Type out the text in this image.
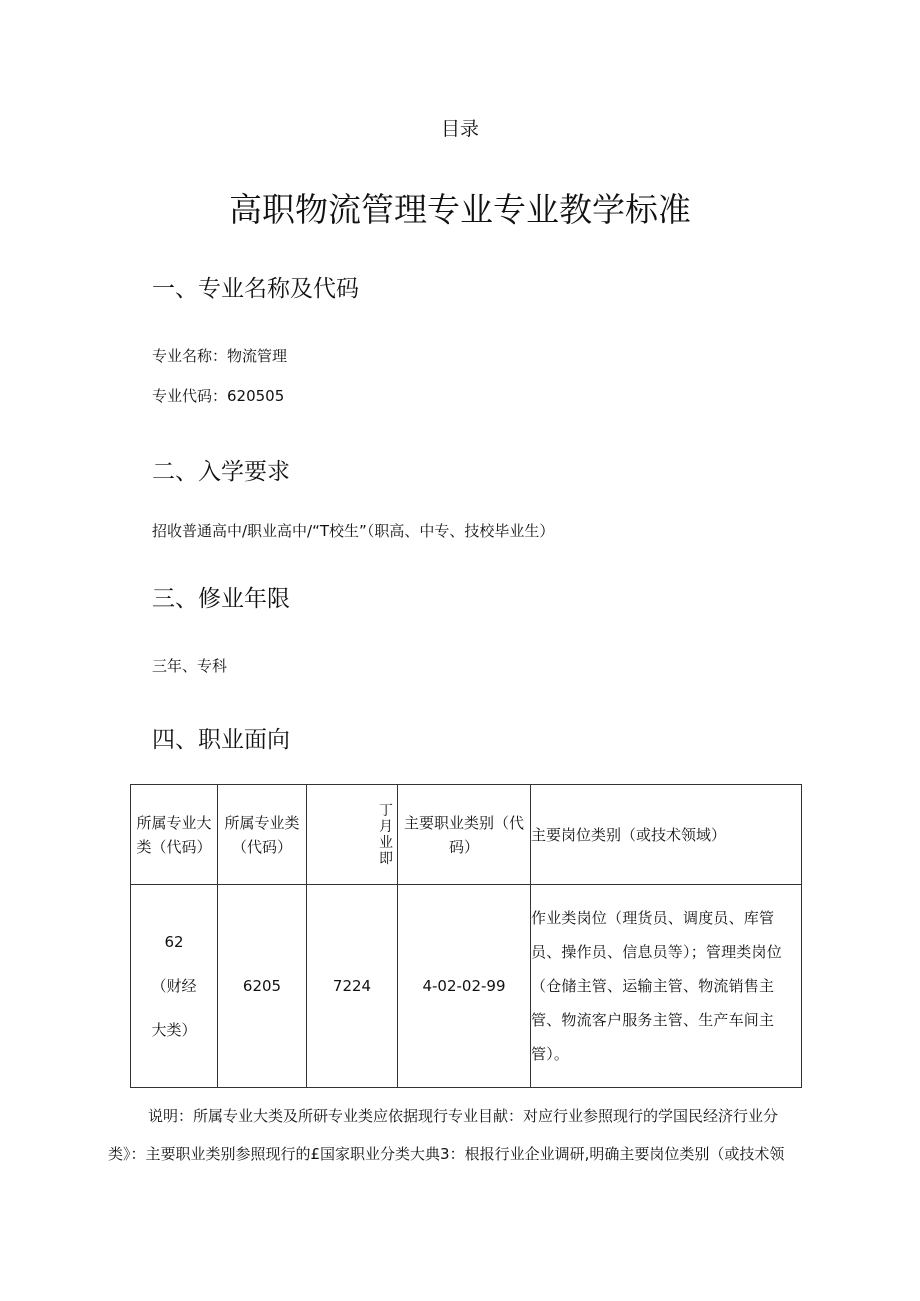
目录
高职物流管理专业专业教学标准
一、专业名称及代码
专业名称：物流管理
专业代码：620505
二、入学要求
招收普通高中/职业高中/“T校生”（职高、中专、技校毕业生）
三、修业年限
三年、专科
四、职业面向
所属专业大类（代码）	所属专业类（代码）	丁
月
业
即	主要职业类别（代码）	主要岗位类别（或技术领域）

62
（财经
大类）	6205	7224	4-02-02-99	作业类岗位（理货员、调度员、库管员、操作员、信息员等）；管理类岗位（仓储主管、运输主管、物流销售主管、物流客户服务主管、生产车间主管）。
说明：所属专业大类及所研专业类应依据现行专业目献：对应行业参照现行的学国民经济行业分
类》：主要职业类别参照现行的£国家职业分类大典3：根报行业企业调研,明确主要岗位类别（或技术领
